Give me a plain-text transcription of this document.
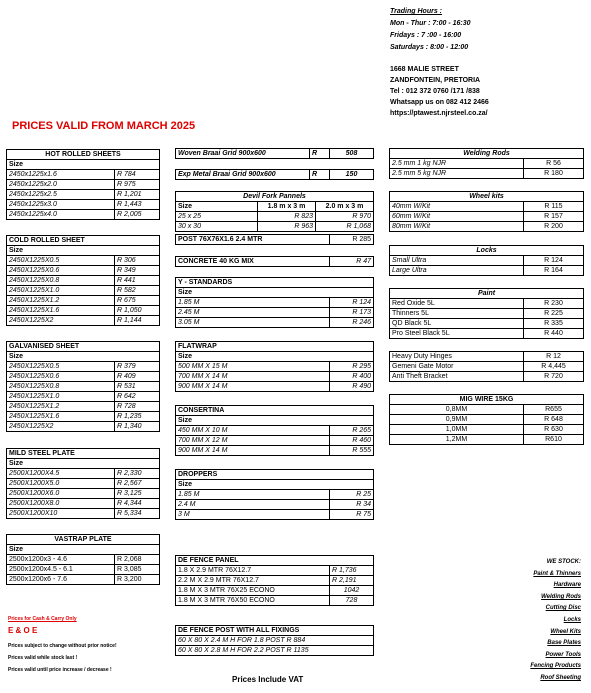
Trading Hours :
Mon - Thur : 7:00 - 16:30
Fridays : 7 :00 - 16:00
Saturdays : 8:00 - 12:00
1668 MALIE STREET
ZANDFONTEIN, PRETORIA
Tel : 012 372 0760 /171 /838
Whatsapp us on 082 412 2466
https://ptawest.njrsteel.co.za/
PRICES VALID FROM MARCH 2025
HOT ROLLED SHEETS	
Size	
2450x1225x1.6	R 784
2450x1225x2.0	R 975
2450x1225x2.5	R 1,201
2450x1225x3.0	R 1,443
2450x1225x4.0	R 2,005
COLD ROLLED SHEET	
Size	
2450X1225X0.5	R 306
2450X1225X0.6	R 349
2450X1225X0.8	R 441
2450X1225X1.0	R 582
2450X1225X1.2	R 675
2450X1225X1.6	R 1,050
2450X1225X2	R 1,144
GALVANISED SHEET	
Size	
2450X1225X0.5	R 379
2450X1225X0.6	R 409
2450X1225X0.8	R 531
2450X1225X1.0	R 642
2450X1225X1.2	R 728
2450X1225X1.6	R 1,235
2450X1225X2	R 1,340
MILD STEEL PLATE	
Size	
2500X1200X4.5	R 2,330
2500X1200X5.0	R 2,567
2500X1200X6.0	R 3,125
2500X1200X8.0	R 4,344
2500X1200X10	R 5,334
VASTRAP PLATE	
Size	
2500x1200x3 - 4.6	R 2,068
2500x1200x4.5 - 6.1	R 3,085
2500x1200x6 - 7.6	R 3,200
Woven Braai Grid 900x600	R	508
Exp Metal Braai Grid 900x600	R	150
Devil Fork Pannels		
Size	1.8 m x 3 m	2.0 m x 3 m
25 x 25	R 823	R 970
30 x 30	R 963	R 1,068
POST 76X76X1.6 2.4 MTR	R 285
CONCRETE 40 KG MIX	R 47
Y - STANDARDS	
Size	
1.85 M	R 124
2.45 M	R 173
3.05 M	R 246
FLATWRAP	
Size	
500 MM X 15 M	R 295
700 MM X 14 M	R 400
900 MM X 14 M	R 490
CONSERTINA	
Size	
450 MM X 10 M	R 265
700 MM X 12 M	R 460
900 MM X 14 M	R 555
DROPPERS	
Size	
1.85 M	R 25
2.4 M	R 34
3 M	R 75
DE FENCE PANEL	
1.8 X 2.9 MTR 76X12.7	R 1,736
2.2 M X 2.9 MTR 76X12.7	R 2,191
1.8 M X 3 MTR 76X25 ECONO	1042
1.8 M X 3 MTR 76X50 ECONO	728
DE FENCE POST WITH ALL FIXINGS
60 X 80 X 2.4 M H FOR 1.8 POST R 884
60 X 80 X 2.8 M H FOR 2.2 POST R 1135
Welding Rods	
2.5 mm 1 kg NJR	R 56
2.5 mm 5 kg NJR	R 180
Wheel kits	
40mm W/Kit	R 115
60mm W/Kit	R 157
80mm W/Kit	R 200
Locks	
Small Ultra	R 124
Large Ultra	R 164
Paint	
Red Oxide 5L	R 230
Thinners 5L	R 225
QD Black 5L	R 335
Pro Steel Black 5L	R 440
Heavy Duty Hinges	R 12
Gemeni Gate Motor	R 4,445
Anti Theft Bracket	R 720
MIG WIRE 15KG	
0,8MM	R655
0,9MM	R 648
1,0MM	R 630
1,2MM	R610
Prices for Cash & Carry Only
E & O E
Prices subject to change without prior notice!
Prices valid while stock last !
Prices valid until price increase / decrease !
Prices Include VAT
WE STOCK:
Paint & Thinners
Hardware
Welding Rods
Cutting Disc
Locks
Wheel Kits
Base Plates
Power Tools
Fencing Products
Roof Sheeting
